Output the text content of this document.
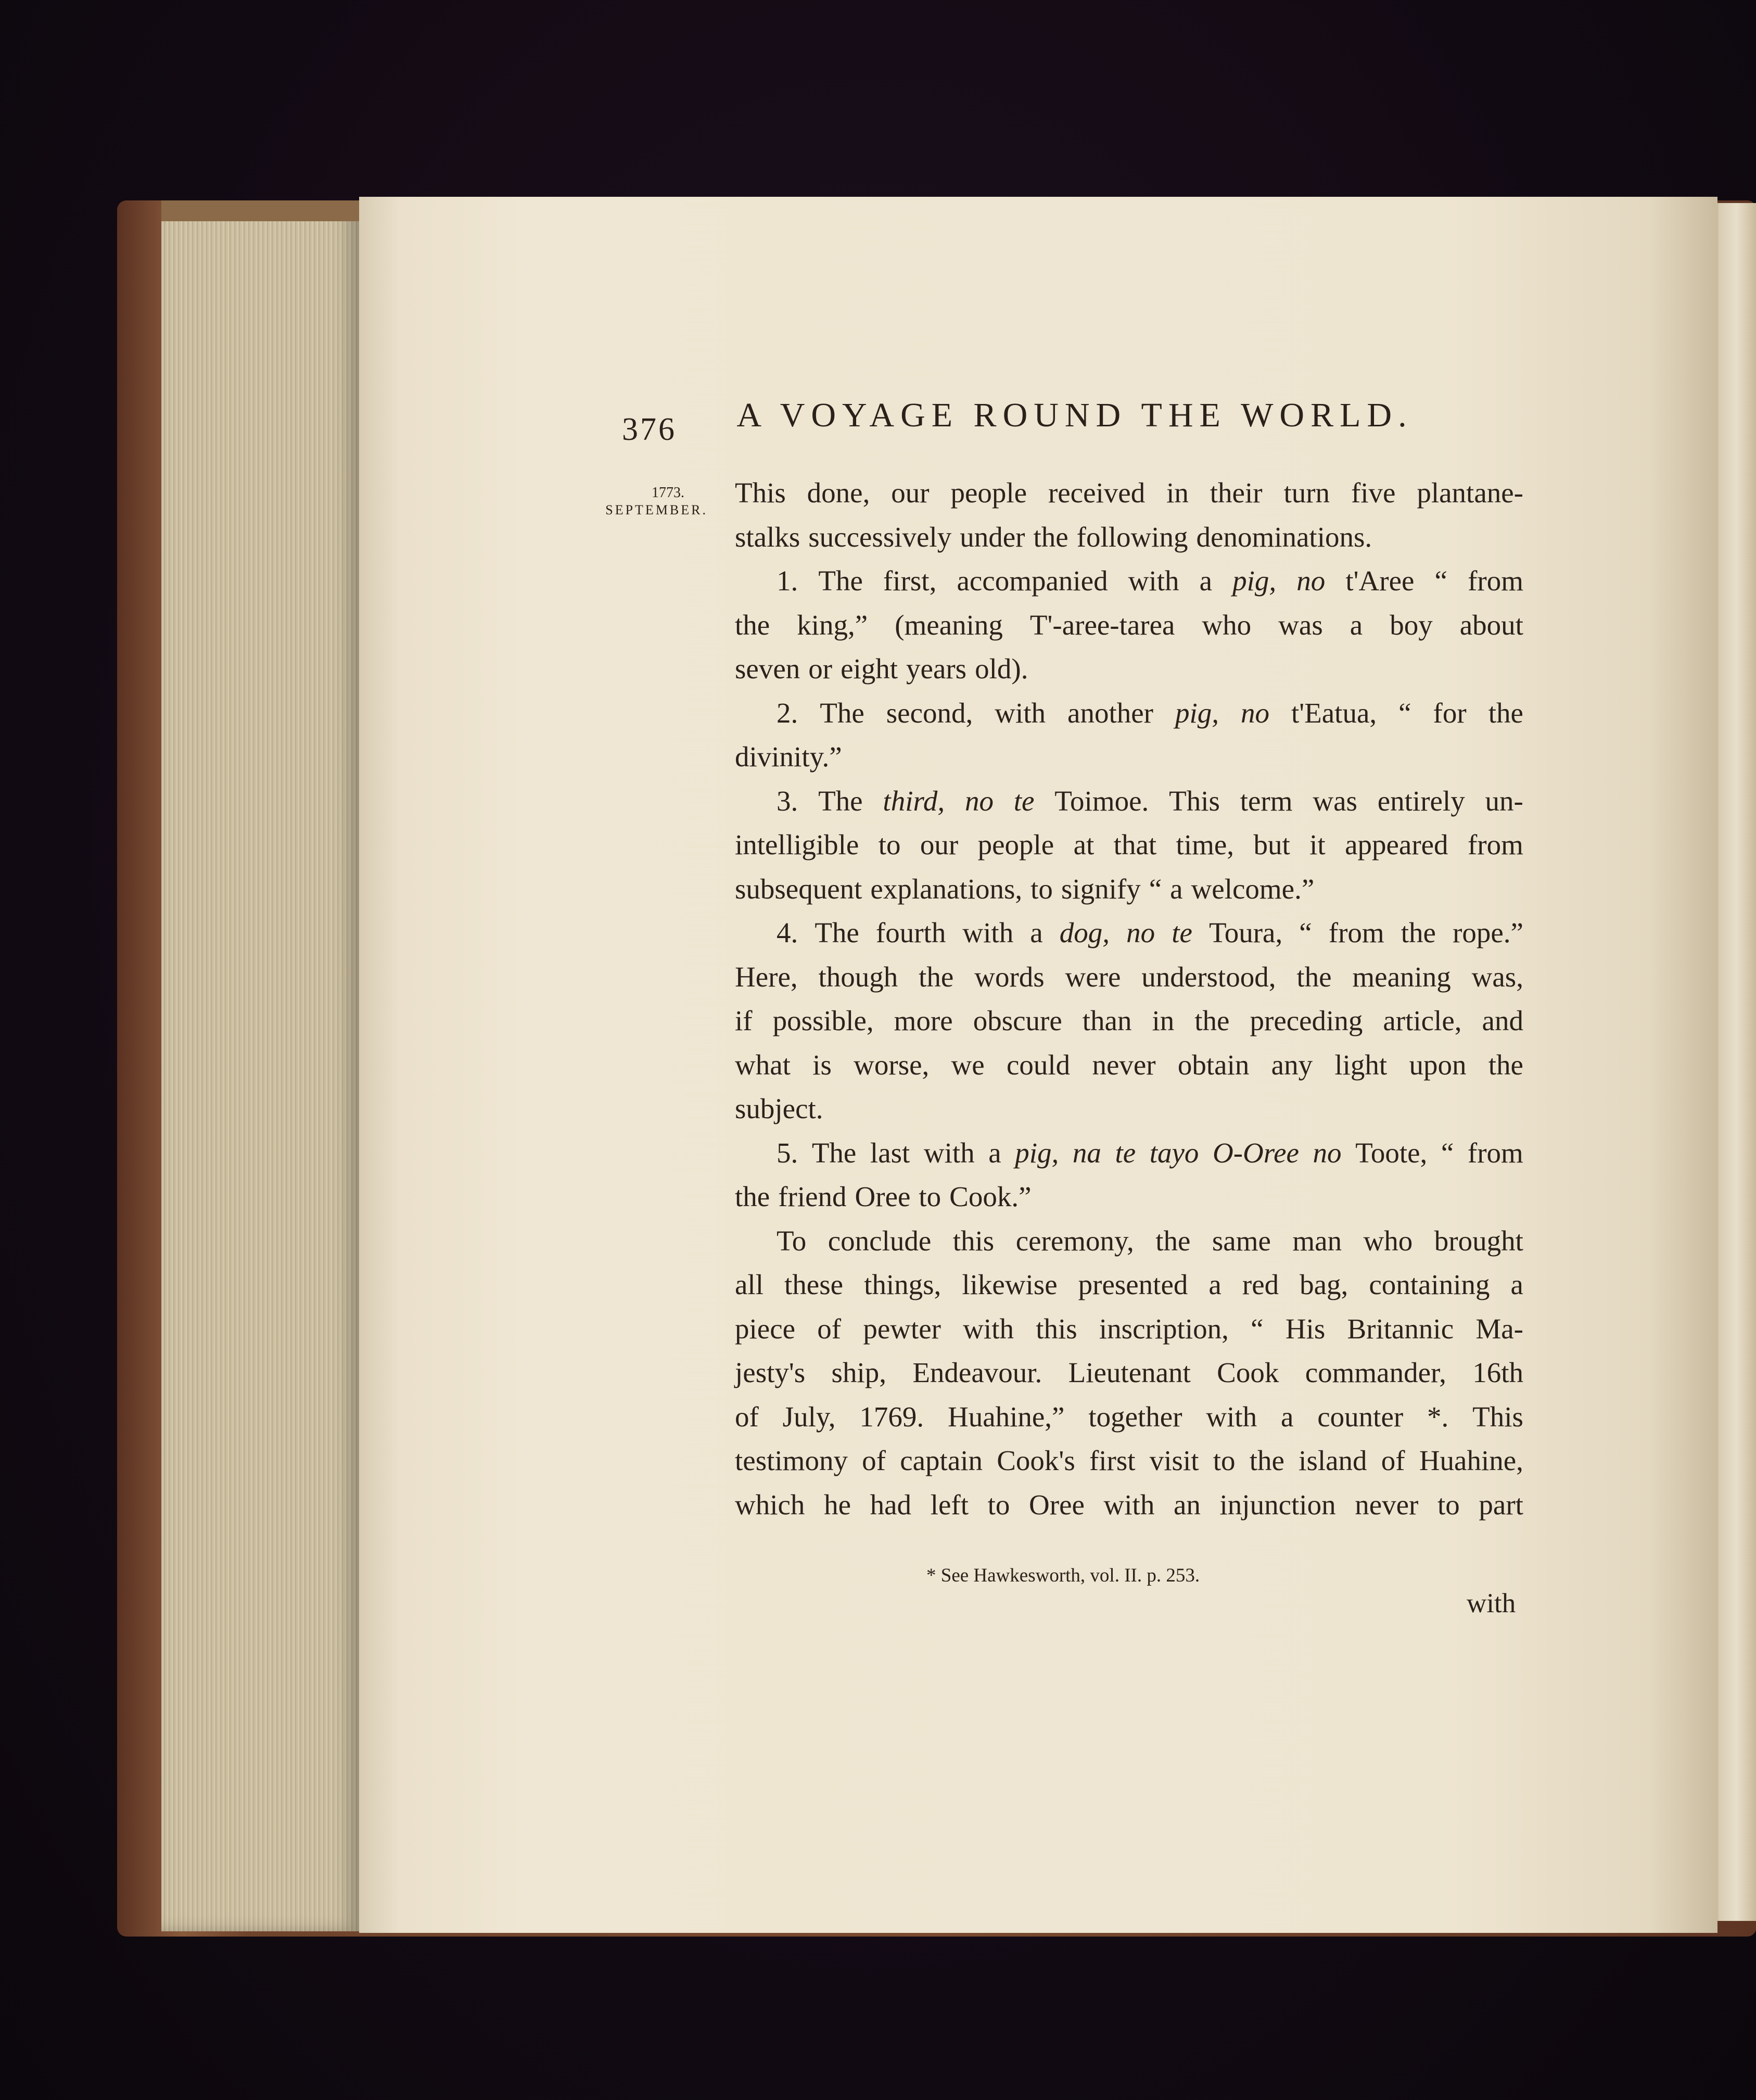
376	A VOYAGE ROUND THE WORLD.
1773.
SEPTEMBER.
This done, our people received in their turn five plantane-
stalks successively under the following denominations.
1. The first, accompanied with a pig, no t'Aree “ from
the king,” (meaning T'-aree-tarea who was a boy about
seven or eight years old).
2. The second, with another pig, no t'Eatua, “ for the
divinity.”
3. The third, no te Toimoe. This term was entirely un-
intelligible to our people at that time, but it appeared from
subsequent explanations, to signify “ a welcome.”
4. The fourth with a dog, no te Toura, “ from the rope.”
Here, though the words were understood, the meaning was,
if possible, more obscure than in the preceding article, and
what is worse, we could never obtain any light upon the
subject.
5. The last with a pig, na te tayo O-Oree no Toote, “ from
the friend Oree to Cook.”
To conclude this ceremony, the same man who brought
all these things, likewise presented a red bag, containing a
piece of pewter with this inscription, “ His Britannic Ma-
jesty's ship, Endeavour. Lieutenant Cook commander, 16th
of July, 1769. Huahine,” together with a counter *. This
testimony of captain Cook's first visit to the island of Huahine,
which he had left to Oree with an injunction never to part
* See Hawkesworth, vol. II. p. 253.
with
